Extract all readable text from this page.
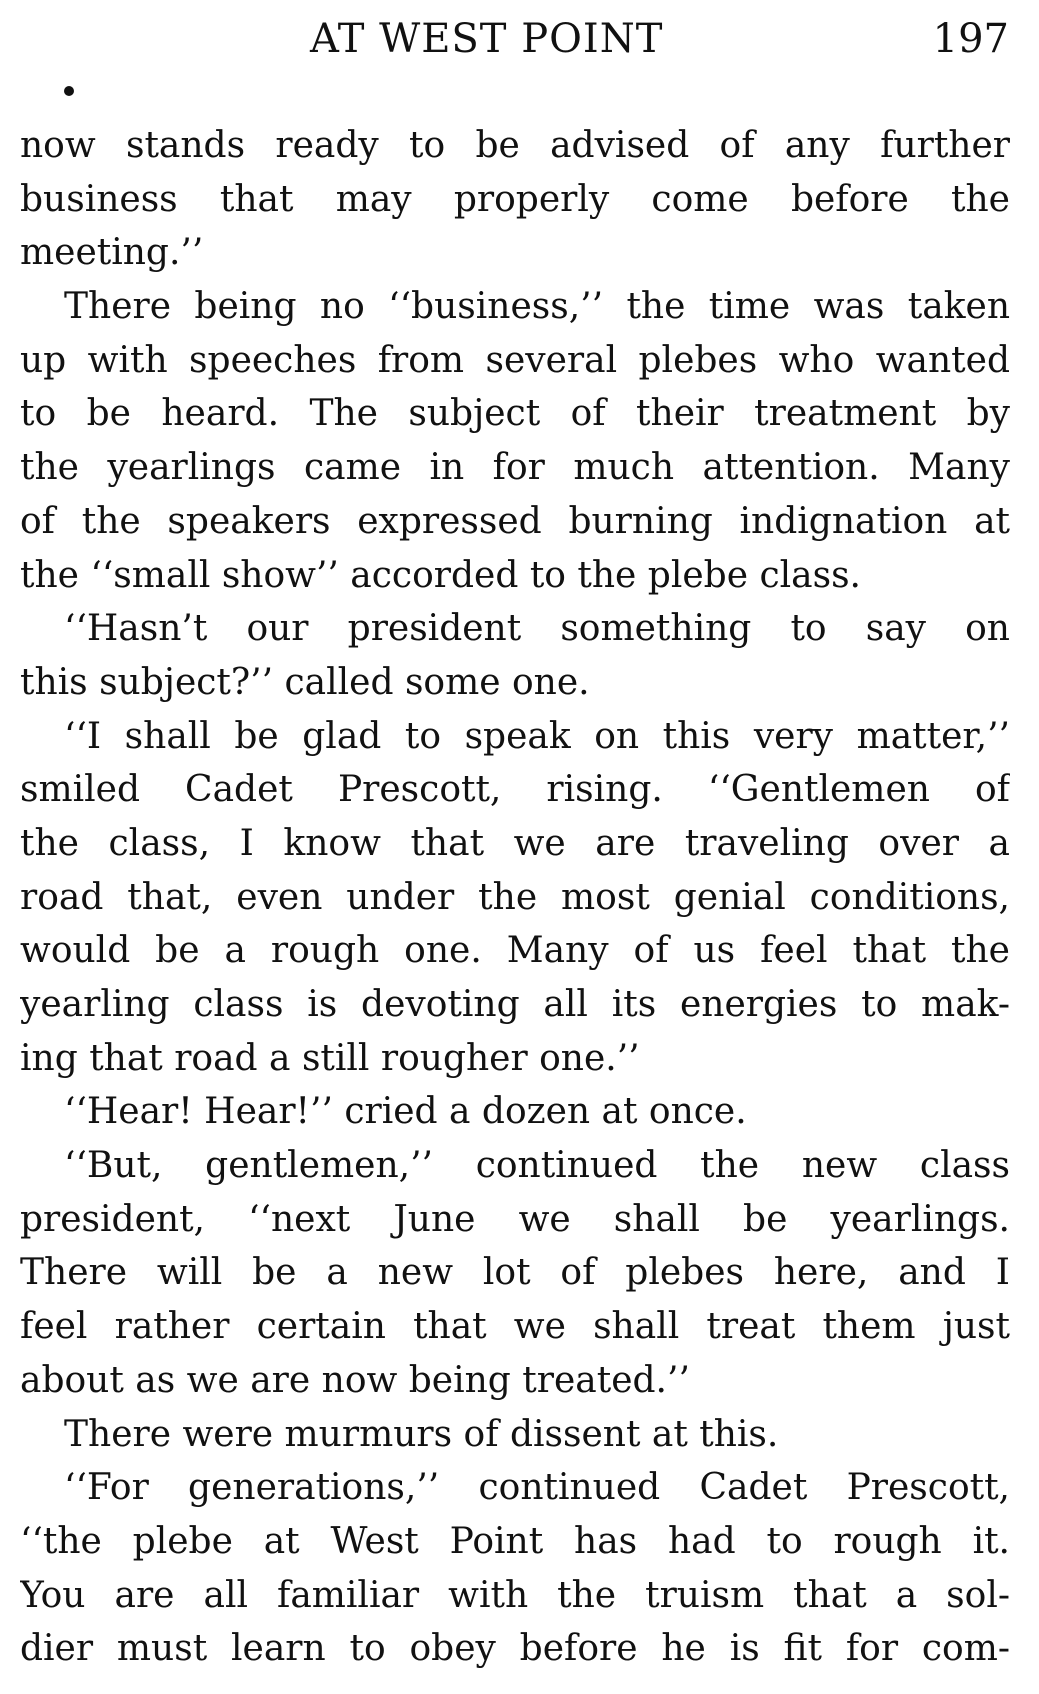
AT WEST POINT	197
now stands ready to be advised of any further
business that may properly come before the
meeting.’’
There being no ‘‘business,’’ the time was taken
up with speeches from several plebes who wanted
to be heard. The subject of their treatment by
the yearlings came in for much attention. Many
of the speakers expressed burning indignation at
the ‘‘small show’’ accorded to the plebe class.
‘‘Hasn’t our president something to say on
this subject?’’ called some one.
‘‘I shall be glad to speak on this very matter,’’
smiled Cadet Prescott, rising. ‘‘Gentlemen of
the class, I know that we are traveling over a
road that, even under the most genial conditions,
would be a rough one. Many of us feel that the
yearling class is devoting all its energies to mak-
ing that road a still rougher one.’’
‘‘Hear! Hear!’’ cried a dozen at once.
‘‘But, gentlemen,’’ continued the new class
president, ‘‘next June we shall be yearlings.
There will be a new lot of plebes here, and I
feel rather certain that we shall treat them just
about as we are now being treated.’’
There were murmurs of dissent at this.
‘‘For generations,’’ continued Cadet Prescott,
‘‘the plebe at West Point has had to rough it.
You are all familiar with the truism that a sol-
dier must learn to obey before he is fit for com-
